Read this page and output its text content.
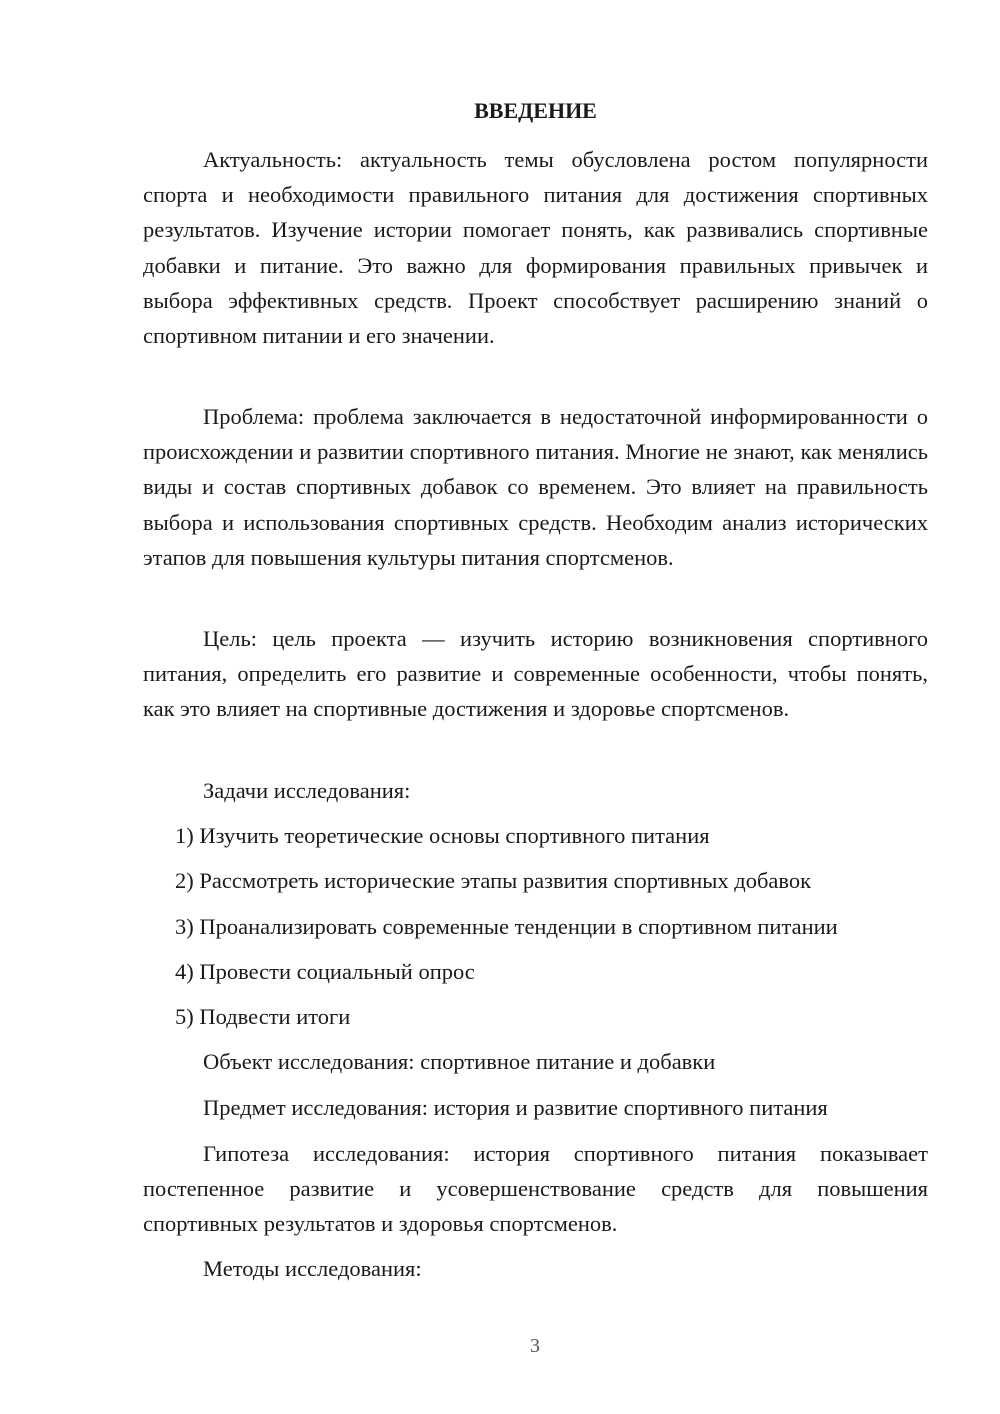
ВВЕДЕНИЕ

Актуальность: актуальность темы обусловлена ростом популярности спорта и необходимости правильного питания для достижения спортивных результатов. Изучение истории помогает понять, как развивались спортивные добавки и питание. Это важно для формирования правильных привычек и выбора эффективных средств. Проект способствует расширению знаний о спортивном питании и его значении.

Проблема: проблема заключается в недостаточной информированности о происхождении и развитии спортивного питания. Многие не знают, как менялись виды и состав спортивных добавок со временем. Это влияет на правильность выбора и использования спортивных средств. Необходим анализ исторических этапов для повышения культуры питания спортсменов.

Цель: цель проекта — изучить историю возникновения спортивного питания, определить его развитие и современные особенности, чтобы понять, как это влияет на спортивные достижения и здоровье спортсменов.

Задачи исследования:

1) Изучить теоретические основы спортивного питания

2) Рассмотреть исторические этапы развития спортивных добавок

3) Проанализировать современные тенденции в спортивном питании

4) Провести социальный опрос

5) Подвести итоги

Объект исследования: спортивное питание и добавки

Предмет исследования: история и развитие спортивного питания

Гипотеза исследования: история спортивного питания показывает постепенное развитие и усовершенствование средств для повышения спортивных результатов и здоровья спортсменов.

Методы исследования:

3
